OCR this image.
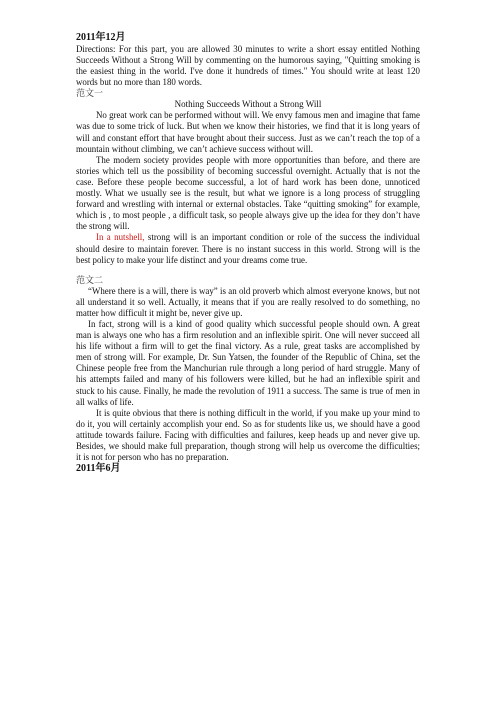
2011年12月

Directions: For this part, you are allowed 30 minutes to write a short essay entitled Nothing Succeeds Without a Strong Will by commenting on the humorous saying, "Quitting smoking is the easiest thing in the world. I've done it hundreds of times." You should write at least 120 words but no more than 180 words.

范文一

Nothing Succeeds Without a Strong Will

No great work can be performed without will. We envy famous men and imagine that fame was due to some trick of luck. But when we know their histories, we find that it is long years of will and constant effort that have brought about their success. Just as we can’t reach the top of a mountain without climbing, we can’t achieve success without will.

The modern society provides people with more opportunities than before, and there are stories which tell us the possibility of becoming successful overnight. Actually that is not the case. Before these people become successful, a lot of hard work has been done, unnoticed mostly. What we usually see is the result, but what we ignore is a long process of struggling forward and wrestling with internal or external obstacles. Take “quitting smoking” for example, which is , to most people , a difficult task, so people always give up the idea for they don’t have the strong will.

In a nutshell, strong will is an important condition or role of the success the individual should desire to maintain forever. There is no instant success in this world. Strong will is the best policy to make your life distinct and your dreams come true.

范文二

“Where there is a will, there is way” is an old proverb which almost everyone knows, but not all understand it so well. Actually, it means that if you are really resolved to do something, no matter how difficult it might be, never give up.

In fact, strong will is a kind of good quality which successful people should own. A great man is always one who has a firm resolution and an inflexible spirit. One will never succeed all his life without a firm will to get the final victory. As a rule, great tasks are accomplished by men of strong will. For example, Dr. Sun Yatsen, the founder of the Republic of China, set the Chinese people free from the Manchurian rule through a long period of hard struggle. Many of his attempts failed and many of his followers were killed, but he had an inflexible spirit and stuck to his cause. Finally, he made the revolution of 1911 a success. The same is true of men in all walks of life.

It is quite obvious that there is nothing difficult in the world, if you make up your mind to do it, you will certainly accomplish your end. So as for students like us, we should have a good attitude towards failure. Facing with difficulties and failures, keep heads up and never give up. Besides, we should make full preparation, though strong will help us overcome the difficulties; it is not for person who has no preparation.

2011年6月
